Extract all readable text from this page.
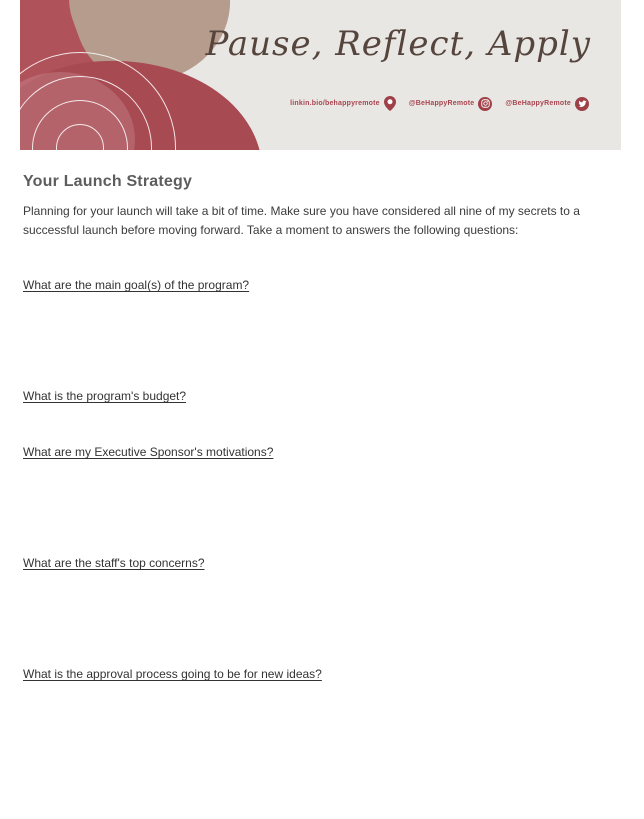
Pause, Reflect, Apply
linkin.bio/behappyremote	@BeHappyRemote	@BeHappyRemote
Your Launch Strategy

Planning for your launch will take a bit of time. Make sure you have considered all nine of my secrets to a successful launch before moving forward. Take a moment to answers the following questions:

What are the main goal(s) of the program?
What is the program's budget?
What are my Executive Sponsor's motivations?
What are the staff's top concerns?
What is the approval process going to be for new ideas?
